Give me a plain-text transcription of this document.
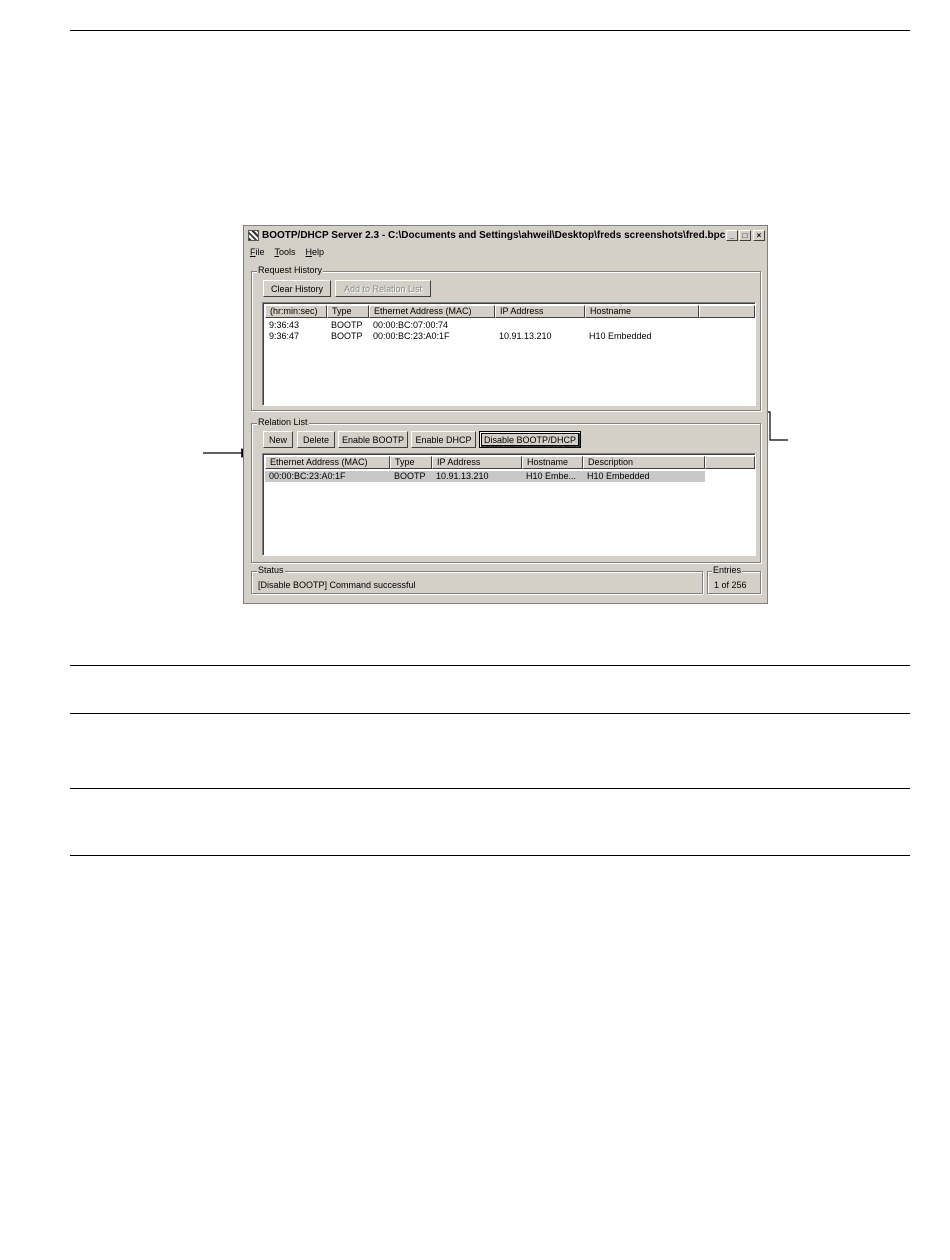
BOOTP/DHCP Server 2.3 - C:\Documents and Settings\ahweil\Desktop\freds screenshots\fred.bpc _	□	×
File Tools Help
Request History
Clear History	Add to Relation List
(hr:min:sec)	Type	Ethernet Address (MAC)	IP Address	Hostname
9:36:43	BOOTP	00:00:BC:07:00:74
9:36:47	BOOTP	00:00:BC:23:A0:1F	10.91.13.210	H10 Embedded
Relation List
New	Delete	Enable BOOTP	Enable DHCP	Disable BOOTP/DHCP
Ethernet Address (MAC)	Type	IP Address	Hostname	Description
00:00:BC:23:A0:1F	BOOTP	10.91.13.210	H10 Embe...	H10 Embedded
Status
[Disable BOOTP] Command successful
Entries
1 of 256
